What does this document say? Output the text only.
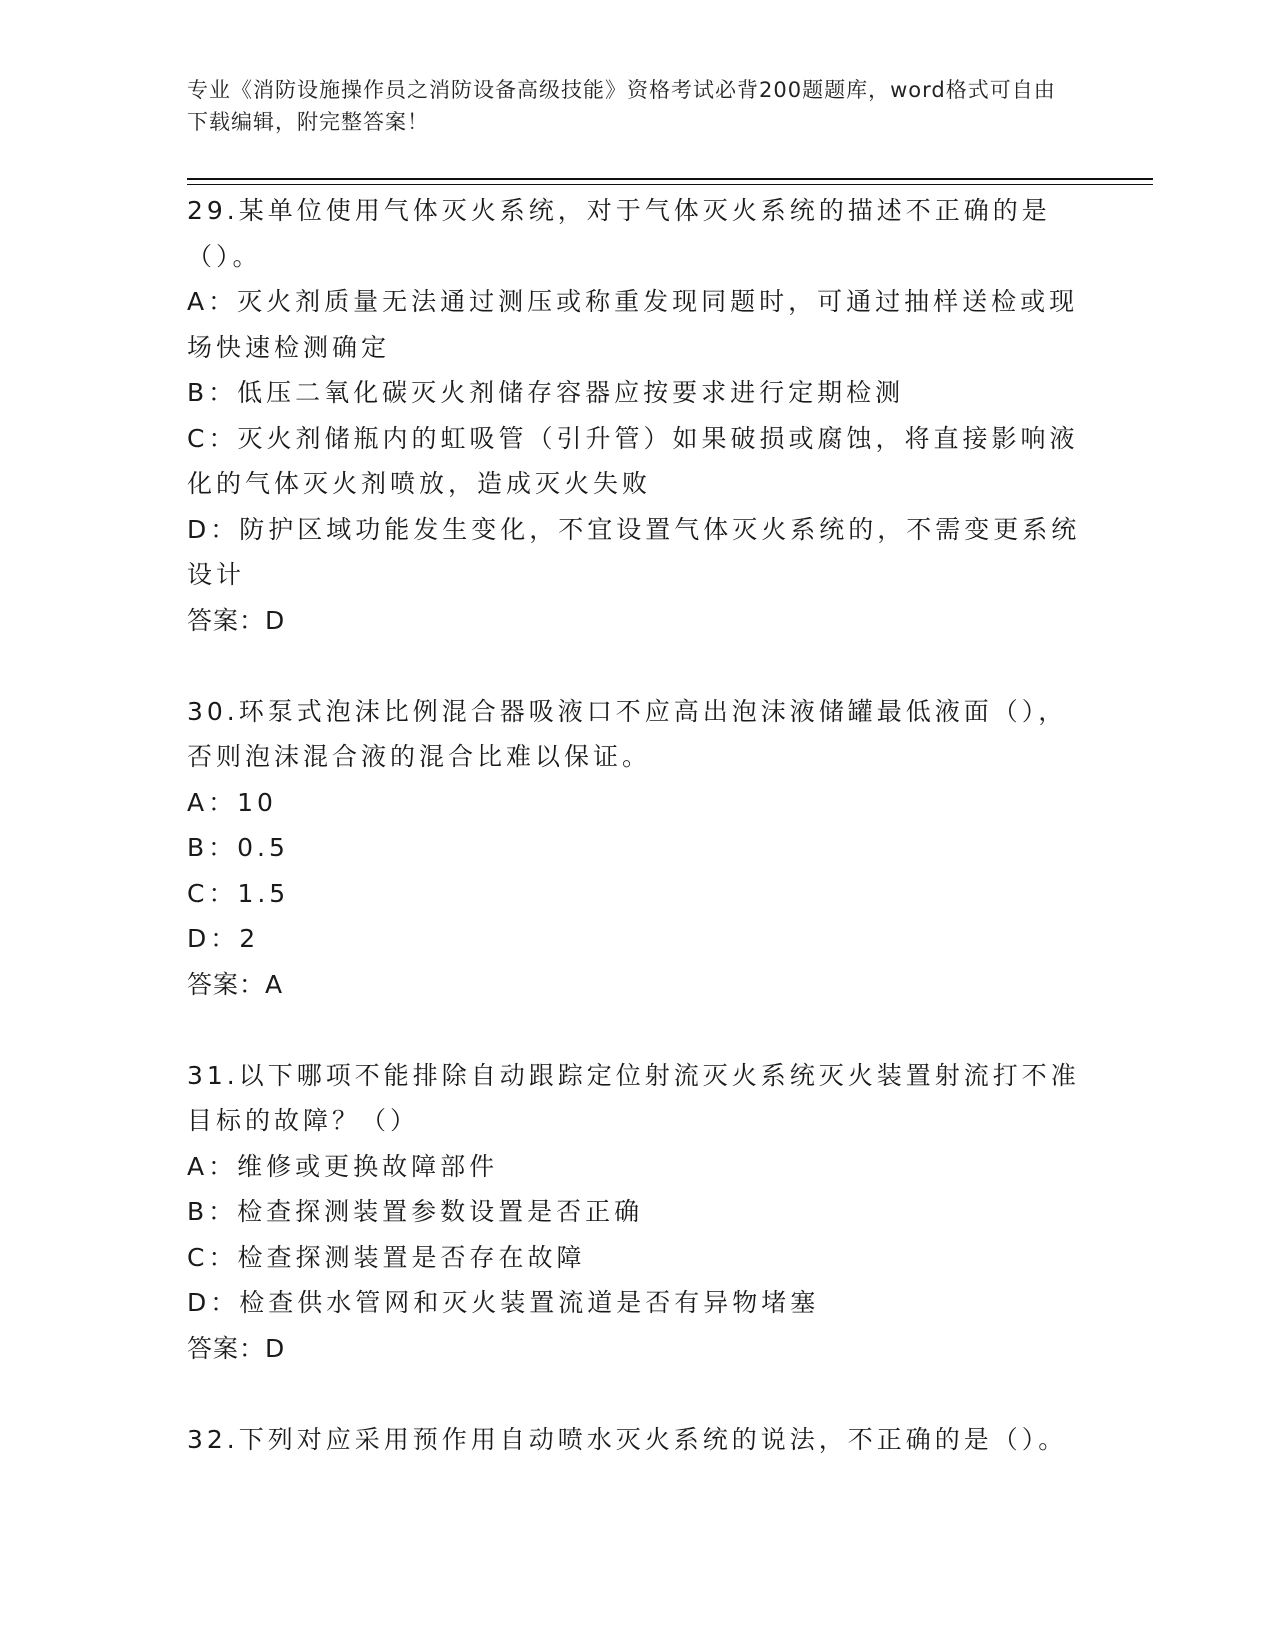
专业《消防设施操作员之消防设备高级技能》资格考试必背200题题库，word格式可自由下载编辑，附完整答案！

29.某单位使用气体灭火系统，对于气体灭火系统的描述不正确的是（）。

A：灭火剂质量无法通过测压或称重发现同题时，可通过抽样送检或现场快速检测确定

B：低压二氧化碳灭火剂储存容器应按要求进行定期检测

C：灭火剂储瓶内的虹吸管（引升管）如果破损或腐蚀，将直接影响液化的气体灭火剂喷放，造成灭火失败

D：防护区域功能发生变化，不宜设置气体灭火系统的，不需变更系统设计

答案：D

30.环泵式泡沫比例混合器吸液口不应高出泡沫液储罐最低液面（），否则泡沫混合液的混合比难以保证。

A：10

B：0.5

C：1.5

D：2

答案：A

31.以下哪项不能排除自动跟踪定位射流灭火系统灭火装置射流打不准目标的故障？（）

A：维修或更换故障部件

B：检查探测装置参数设置是否正确

C：检查探测装置是否存在故障

D：检查供水管网和灭火装置流道是否有异物堵塞

答案：D

32.下列对应采用预作用自动喷水灭火系统的说法，不正确的是（）。
